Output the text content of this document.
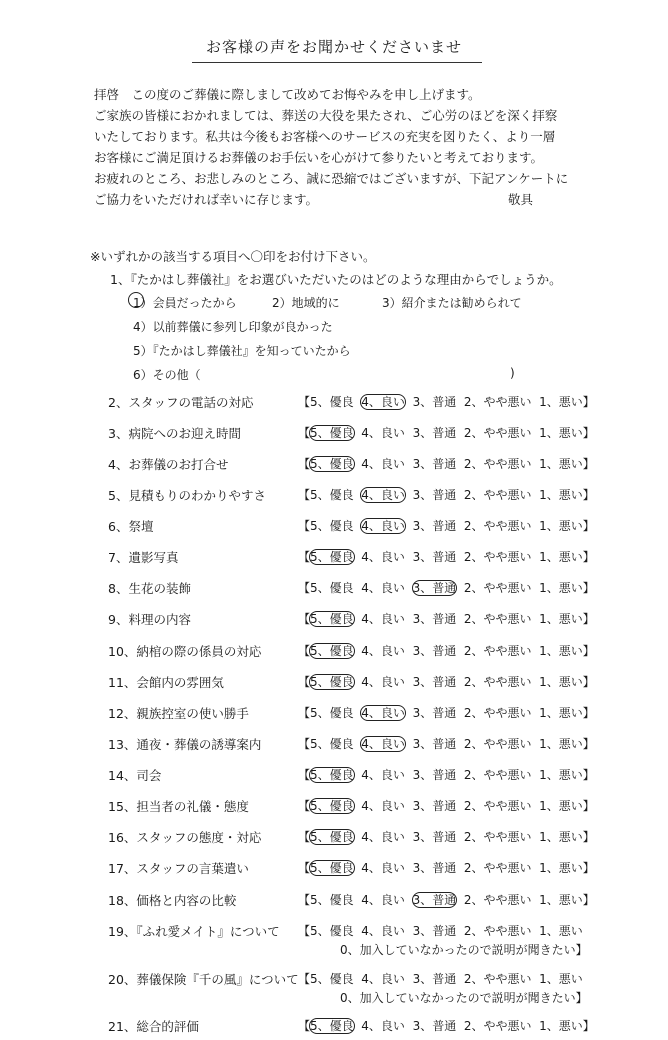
お客様の声をお聞かせくださいませ
拝啓　この度のご葬儀に際しまして改めてお悔やみを申し上げます。
ご家族の皆様におかれましては、葬送の大役を果たされ、ご心労のほどを深く拝察
いたしております。私共は今後もお客様へのサービスの充実を図りたく、より一層
お客様にご満足頂けるお葬儀のお手伝いを心がけて参りたいと考えております。
お疲れのところ、お悲しみのところ、誠に恐縮ではございますが、下記アンケートに
ご協力をいただければ幸いに存じます。	敬具
※いずれかの該当する項目へ〇印をお付け下さい。
1、『たかはし葬儀社』をお選びいただいたのはどのような理由からでしょうか。
1）会員だったから	2）地域的に	3）紹介または勧められて
4）以前葬儀に参列し印象が良かった
5）『たかはし葬儀社』を知っていたから
6）その他（	)
2、スタッフの電話の対応	【5、優良 4、良い 3、普通 2、やや悪い 1、悪い】
3、病院へのお迎え時間	【5、優良 4、良い 3、普通 2、やや悪い 1、悪い】
4、お葬儀のお打合せ	【5、優良 4、良い 3、普通 2、やや悪い 1、悪い】
5、見積もりのわかりやすさ	【5、優良 4、良い 3、普通 2、やや悪い 1、悪い】
6、祭壇	【5、優良 4、良い 3、普通 2、やや悪い 1、悪い】
7、遺影写真	【5、優良 4、良い 3、普通 2、やや悪い 1、悪い】
8、生花の装飾	【5、優良 4、良い 3、普通 2、やや悪い 1、悪い】
9、料理の内容	【5、優良 4、良い 3、普通 2、やや悪い 1、悪い】
10、納棺の際の係員の対応	【5、優良 4、良い 3、普通 2、やや悪い 1、悪い】
11、会館内の雰囲気	【5、優良 4、良い 3、普通 2、やや悪い 1、悪い】
12、親族控室の使い勝手	【5、優良 4、良い 3、普通 2、やや悪い 1、悪い】
13、通夜・葬儀の誘導案内	【5、優良 4、良い 3、普通 2、やや悪い 1、悪い】
14、司会	【5、優良 4、良い 3、普通 2、やや悪い 1、悪い】
15、担当者の礼儀・態度	【5、優良 4、良い 3、普通 2、やや悪い 1、悪い】
16、スタッフの態度・対応	【5、優良 4、良い 3、普通 2、やや悪い 1、悪い】
17、スタッフの言葉遣い	【5、優良 4、良い 3、普通 2、やや悪い 1、悪い】
18、価格と内容の比較	【5、優良 4、良い 3、普通 2、やや悪い 1、悪い】
19、『ふれ愛メイト』について 【5、優良 4、良い 3、普通 2、やや悪い 1、悪い
0、加入していなかったので説明が聞きたい】
20、葬儀保険『千の風』について 【5、優良 4、良い 3、普通 2、やや悪い 1、悪い
0、加入していなかったので説明が聞きたい】
21、総合的評価	【5、優良 4、良い 3、普通 2、やや悪い 1、悪い】
